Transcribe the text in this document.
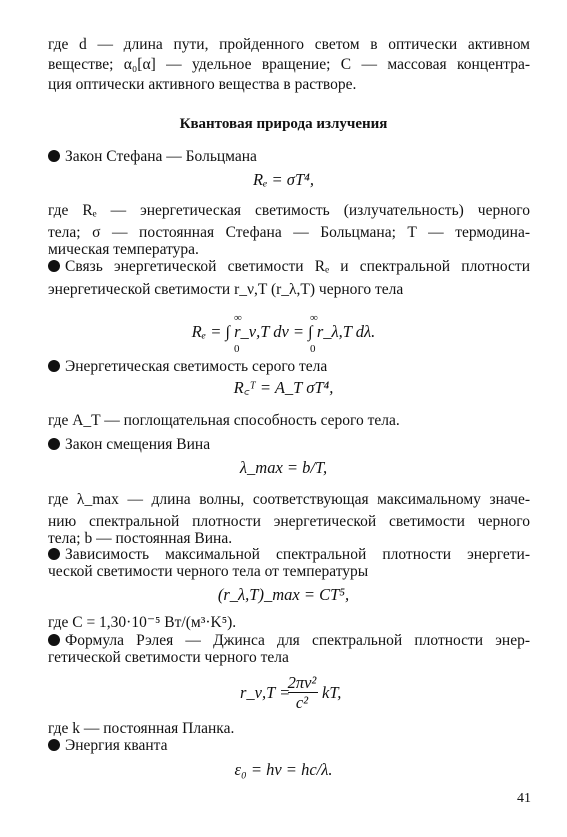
где d — длина пути, пройденного светом в оптически активном
веществе; α₀[α] — удельное вращение; C — массовая концентра-
ция оптически активного вещества в растворе.
Квантовая природа излучения
Закон Стефана — Больцмана
Rₑ = σT⁴,
где Rₑ — энергетическая светимость (излучательность) черного
тела; σ — постоянная Стефана — Больцмана; T — термодина-
мическая температура.
Связь энергетической светимости Rₑ и спектральной плотности
энергетической светимости r_ν,T (r_λ,T) черного тела
∞	∞
Rₑ = ∫ r_ν,T dν = ∫ r_λ,T dλ.
0	0
Энергетическая светимость серого тела
R꜀ᵀ = A_T σT⁴,
где A_T — поглощательная способность серого тела.
Закон смещения Вина
λ_max = b/T,
где λ_max — длина волны, соответствующая максимальному значе-
нию спектральной плотности энергетической светимости черного
тела; b — постоянная Вина.
Зависимость максимальной спектральной плотности энергети-
ческой светимости черного тела от температуры
(r_λ,T)_max = CT⁵,
где C = 1,30·10⁻⁵ Вт/(м³·K⁵).
Формула Рэлея — Джинса для спектральной плотности энер-
гетической светимости черного тела
r_ν,T =
2πν²
c²
kT,
где k — постоянная Планка.
Энергия кванта
ε₀ = hν = hc/λ.
41
